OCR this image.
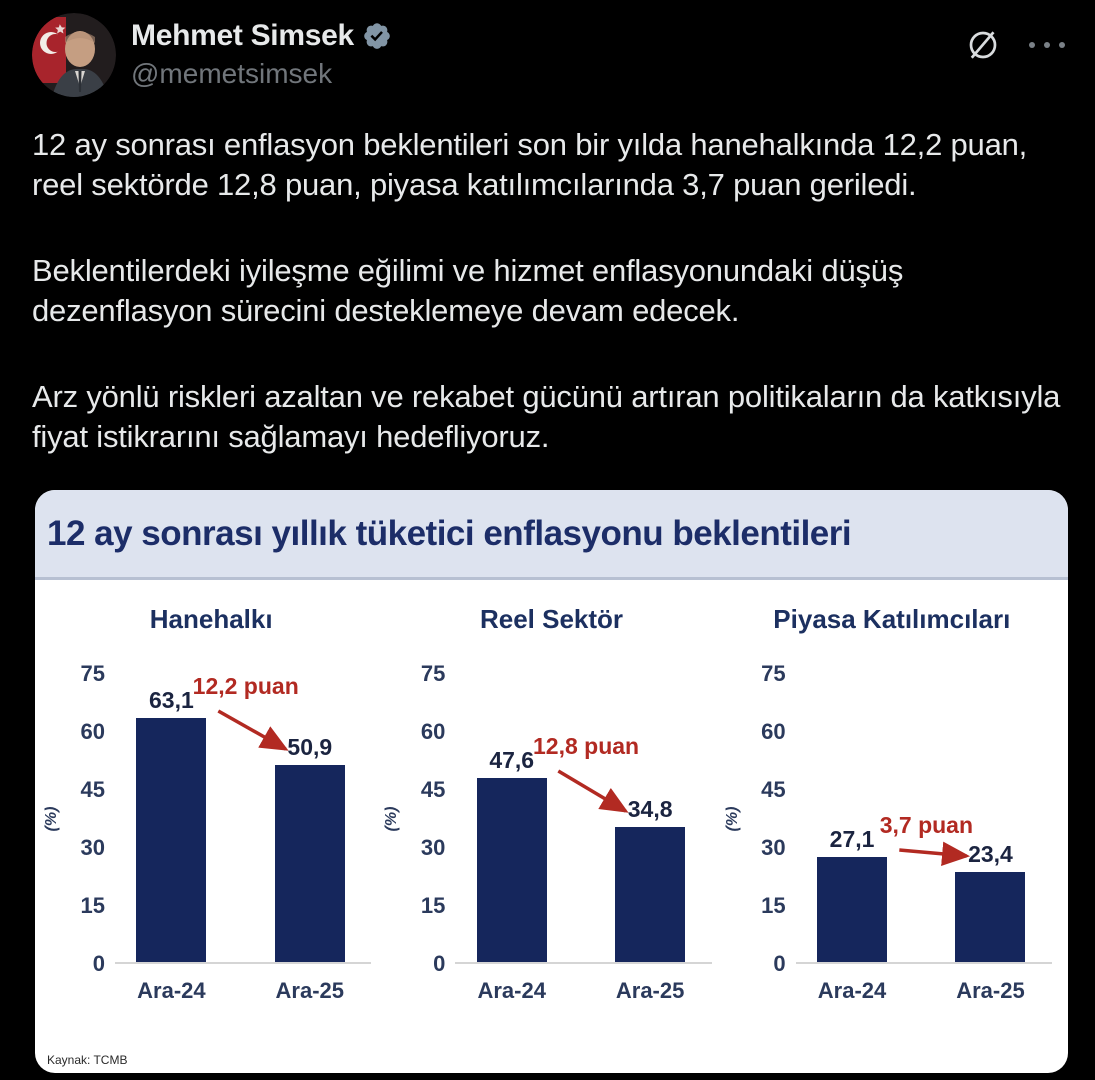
Mehmet Simsek
@memetsimsek

12 ay sonrası enflasyon beklentileri son bir yılda hanehalkında 12,2 puan, reel sektörde 12,8 puan, piyasa katılımcılarında 3,7 puan geriledi.

Beklentilerdeki iyileşme eğilimi ve hizmet enflasyonundaki düşüş dezenflasyon sürecini desteklemeye devam edecek.

Arz yönlü riskleri azaltan ve rekabet gücünü artıran politikaların da katkısıyla fiyat istikrarını sağlamayı hedefliyoruz.

12 ay sonrası yıllık tüketici enflasyonu beklentileri
Hanehalkı
(%)
75
60
45
30
15
0
63,1
Ara-24
50,9
Ara-25
12,2 puan
Reel Sektör
(%)
75
60
45
30
15
0
47,6
Ara-24
34,8
Ara-25
12,8 puan
Piyasa Katılımcıları
(%)
75
60
45
30
15
0
27,1
Ara-24
23,4
Ara-25
3,7 puan
Kaynak: TCMB
